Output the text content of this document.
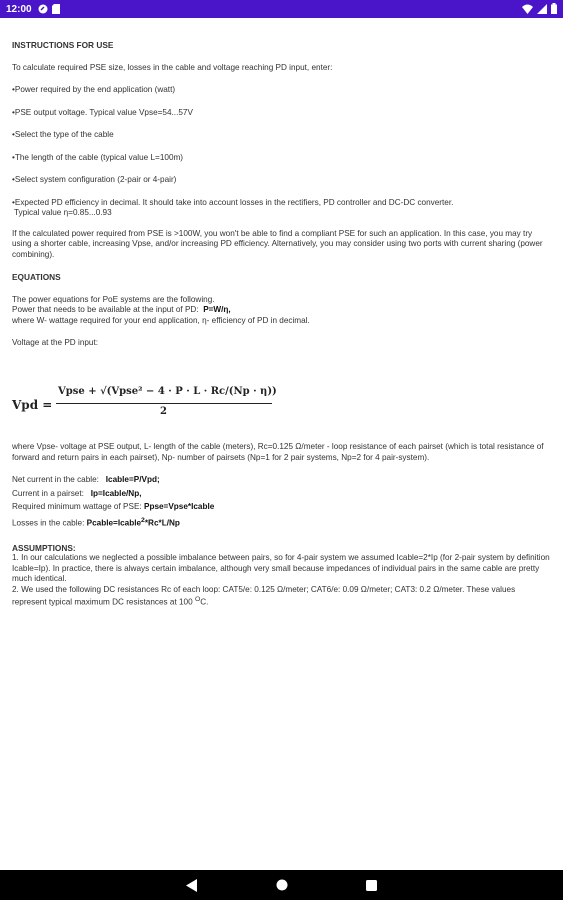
12:00

INSTRUCTIONS FOR USE

To calculate required PSE size, losses in the cable and voltage reaching PD input, enter:

•Power required by the end application (watt)

•PSE output voltage. Typical value Vpse=54...57V

•Select the type of the cable

•The length of the cable (typical value L=100m)

•Select system configuration (2-pair or 4-pair)

•Expected PD efficiency in decimal. It should take into account losses in the rectifiers, PD controller and DC-DC converter.

Typical value η=0.85...0.93

If the calculated power required from PSE is >100W, you won't be able to find a compliant PSE for such an application. In this case, you may try using a shorter cable, increasing Vpse, and/or increasing PD efficiency. Alternatively, you may consider using two ports with current sharing (power combining).

EQUATIONS

The power equations for PoE systems are the following.

Power that needs to be available at the input of PD: P=W/η,

where W- wattage required for your end application, η- efficiency of PD in decimal.

Voltage at the PD input:

Vpd =
Vpse + √(Vpse² − 4 · P · L · Rc/(Np · η))
2

where Vpse- voltage at PSE output, L- length of the cable (meters), Rc=0.125 Ω/meter - loop resistance of each pairset (which is total resistance of forward and return pairs in each pairset), Np- number of pairsets (Np=1 for 2 pair systems, Np=2 for 4 pair-system).

Net current in the cable: Icable=P/Vpd;

Current in a pairset: Ip=Icable/Np,

Required minimum wattage of PSE: Ppse=Vpse*Icable

Losses in the cable: Pcable=Icable$^2$*Rc*L/Np

ASSUMPTIONS:

1. In our calculations we neglected a possible imbalance between pairs, so for 4-pair system we assumed Icable=2*Ip (for 2-pair system by definition Icable=Ip). In practice, there is always certain imbalance, although very small because impedances of individual pairs in the same cable are pretty much identical.

2. We used the following DC resistances Rc of each loop: CAT5/e: 0.125 Ω/meter; CAT6/e: 0.09 Ω/meter; CAT3: 0.2 Ω/meter. These values represent typical maximum DC resistances at 100 $^O$C.
